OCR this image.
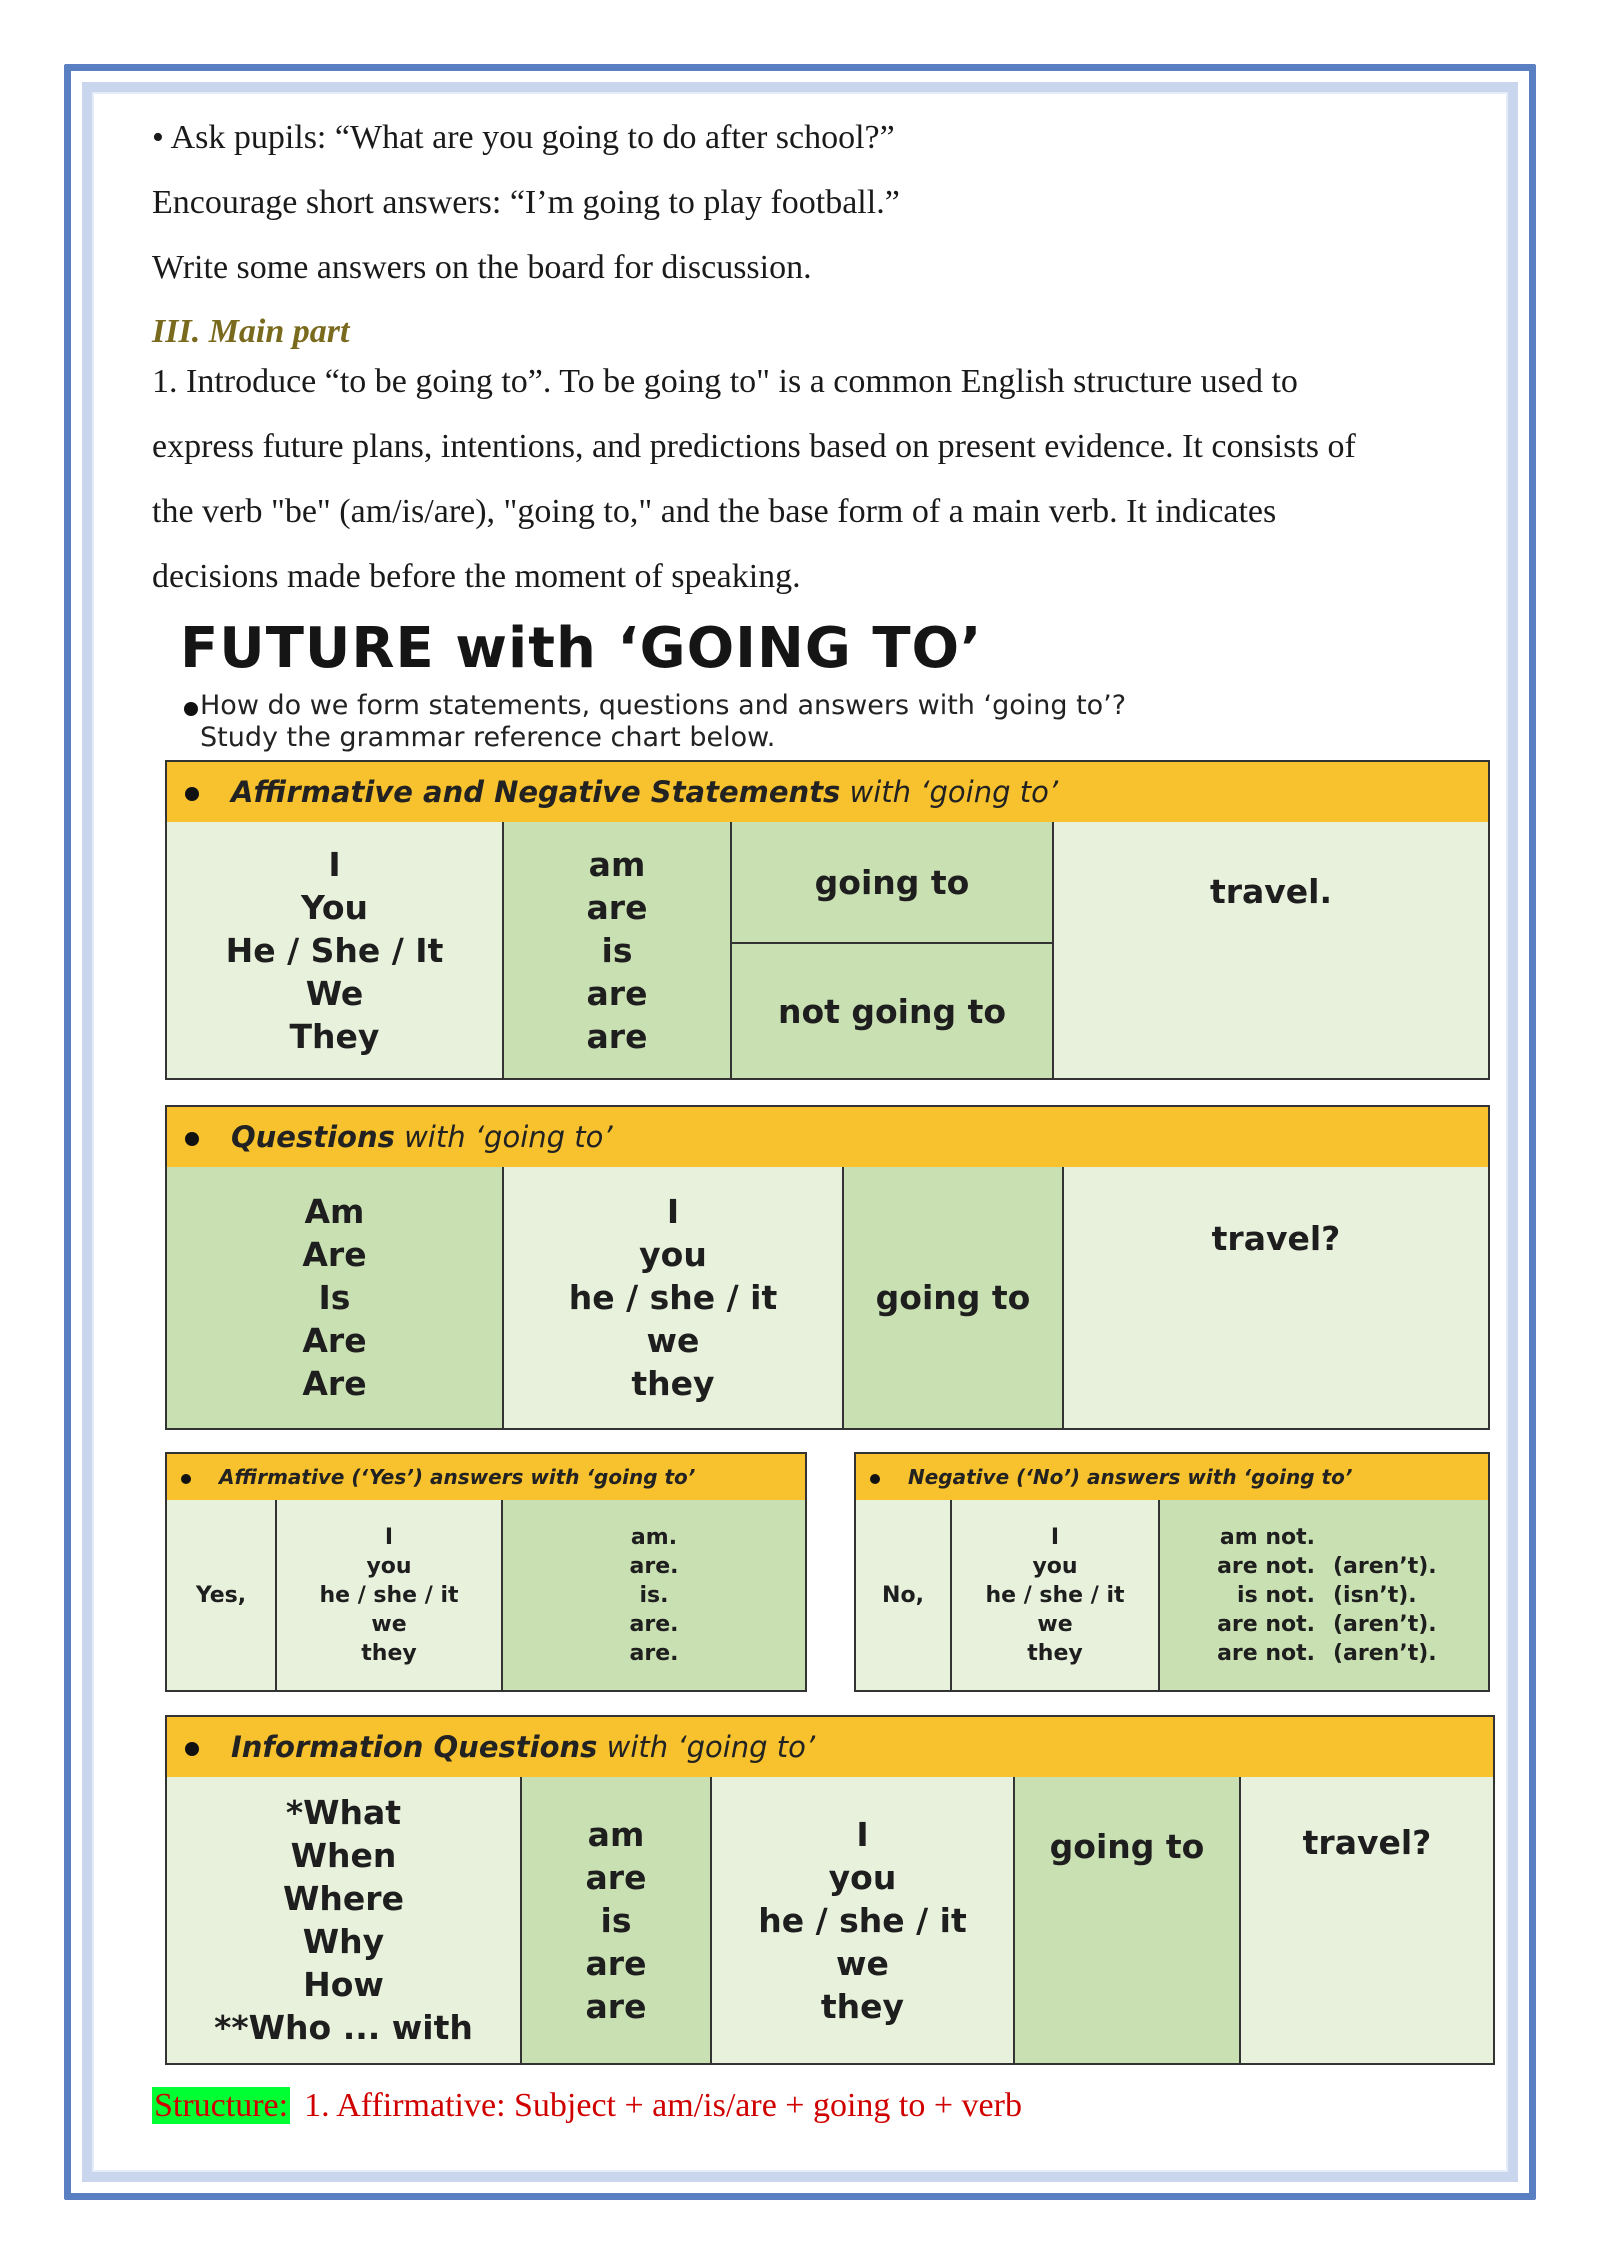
• Ask pupils: “What are you going to do after school?”
Encourage short answers: “I’m going to play football.”
Write some answers on the board for discussion.
III. Main part
1. Introduce “to be going to”. To be going to" is a common English structure used to
express future plans, intentions, and predictions based on present evidence. It consists of
the verb "be" (am/is/are), "going to," and the base form of a main verb. It indicates
decisions made before the moment of speaking.
FUTURE with ‘GOING TO’
How do we form statements, questions and answers with ‘going to’?
Study the grammar reference chart below.
Affirmative and Negative Statements with ‘going to’
I
You
He / She / It
We
They
am
are
is
are
are
going to
not going to
travel.
Questions with ‘going to’
Am
Are
Is
Are
Are
I
you
he / she / it
we
they
going to
travel?
Affirmative (‘Yes’) answers with ‘going to’
Yes,
I
you
he / she / it
we
they
am.
are.
is.
are.
are.
Negative (‘No’) answers with ‘going to’
No,
I
you
he / she / it
we
they
am not.
are not. (aren’t).
is not. (isn’t).
are not. (aren’t).
are not. (aren’t).
Information Questions with ‘going to’
*What
When
Where
Why
How
**Who ... with
am
are
is
are
are
I
you
he / she / it
we
they
going to	travel?
Structure: 1. Affirmative: Subject + am/is/are + going to + verb
